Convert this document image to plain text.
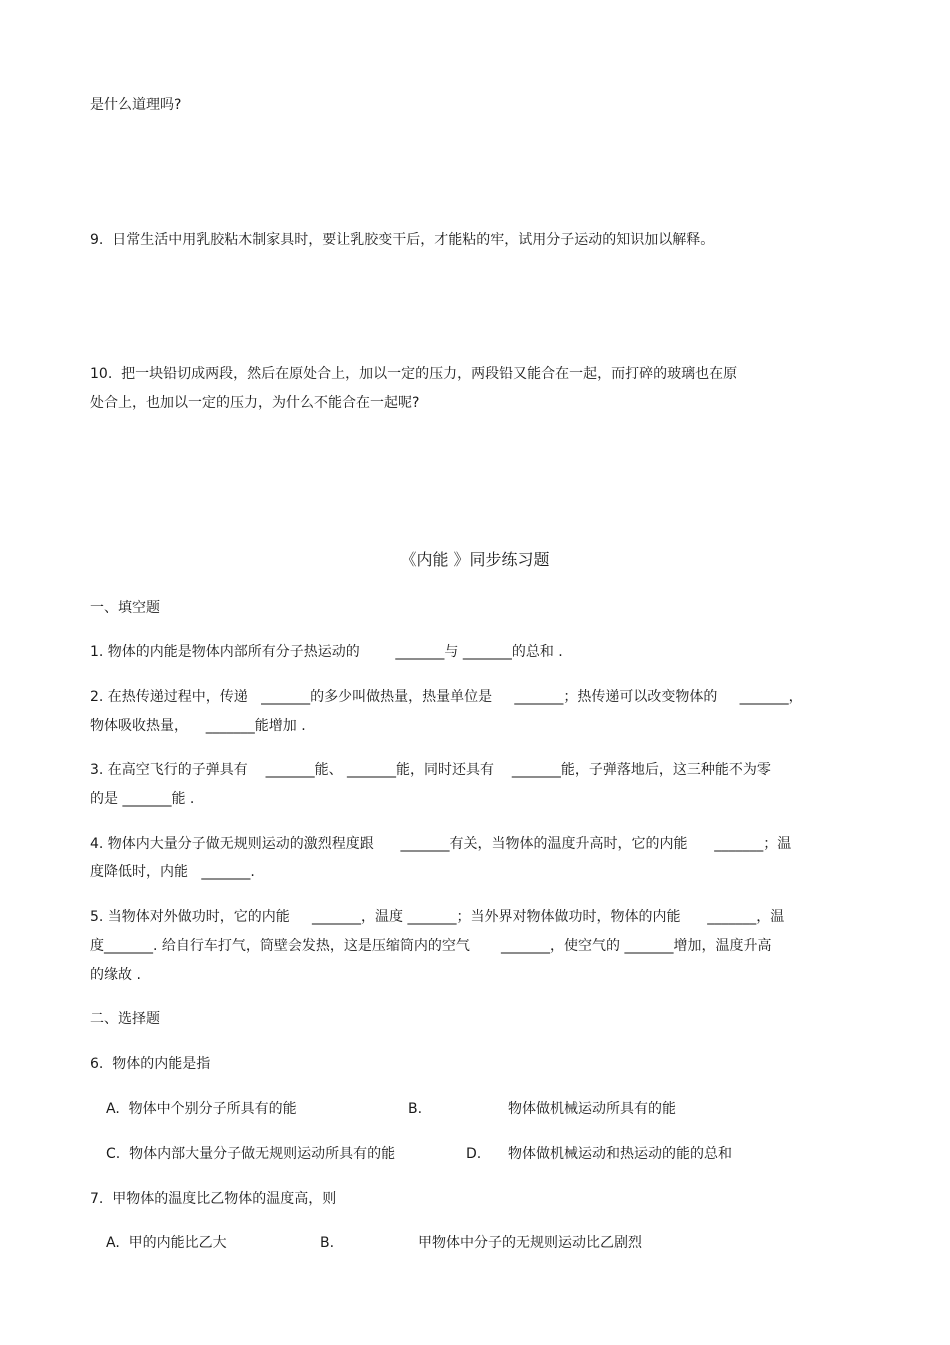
是什么道理吗?
9.  日常生活中用乳胶粘木制家具时，要让乳胶变干后，才能粘的牢，试用分子运动的知识加以解释。
10.  把一块铅切成两段，然后在原处合上，加以一定的压力，两段铅又能合在一起，而打碎的玻璃也在原
处合上，也加以一定的压力，为什么不能合在一起呢?
《内能 》同步练习题
一、填空题
1. 物体的内能是物体内部所有分子热运动的        _______与 _______的总和 .
2. 在热传递过程中，传递   _______的多少叫做热量，热量单位是     _______；热传递可以改变物体的     _______，
物体吸收热量，    _______能增加 .
3. 在高空飞行的子弹具有    _______能、 _______能，同时还具有    _______能，子弹落地后，这三种能不为零
的是 _______能 .
4. 物体内大量分子做无规则运动的激烈程度跟      _______有关，当物体的温度升高时，它的内能      _______；温
度降低时，内能   _______.
5. 当物体对外做功时，它的内能     _______，温度 _______；当外界对物体做功时，物体的内能      _______，温
度_______. 给自行车打气，筒壁会发热，这是压缩筒内的空气       _______，使空气的 _______增加，温度升高
的缘故 .
二、选择题
6.  物体的内能是指
A.  物体中个别分子所具有的能	B.	物体做机械运动所具有的能
C.  物体内部大量分子做无规则运动所具有的能	D. 物体做机械运动和热运动的能的总和
7.  甲物体的温度比乙物体的温度高，则
A.  甲的内能比乙大	B.	甲物体中分子的无规则运动比乙剧烈
